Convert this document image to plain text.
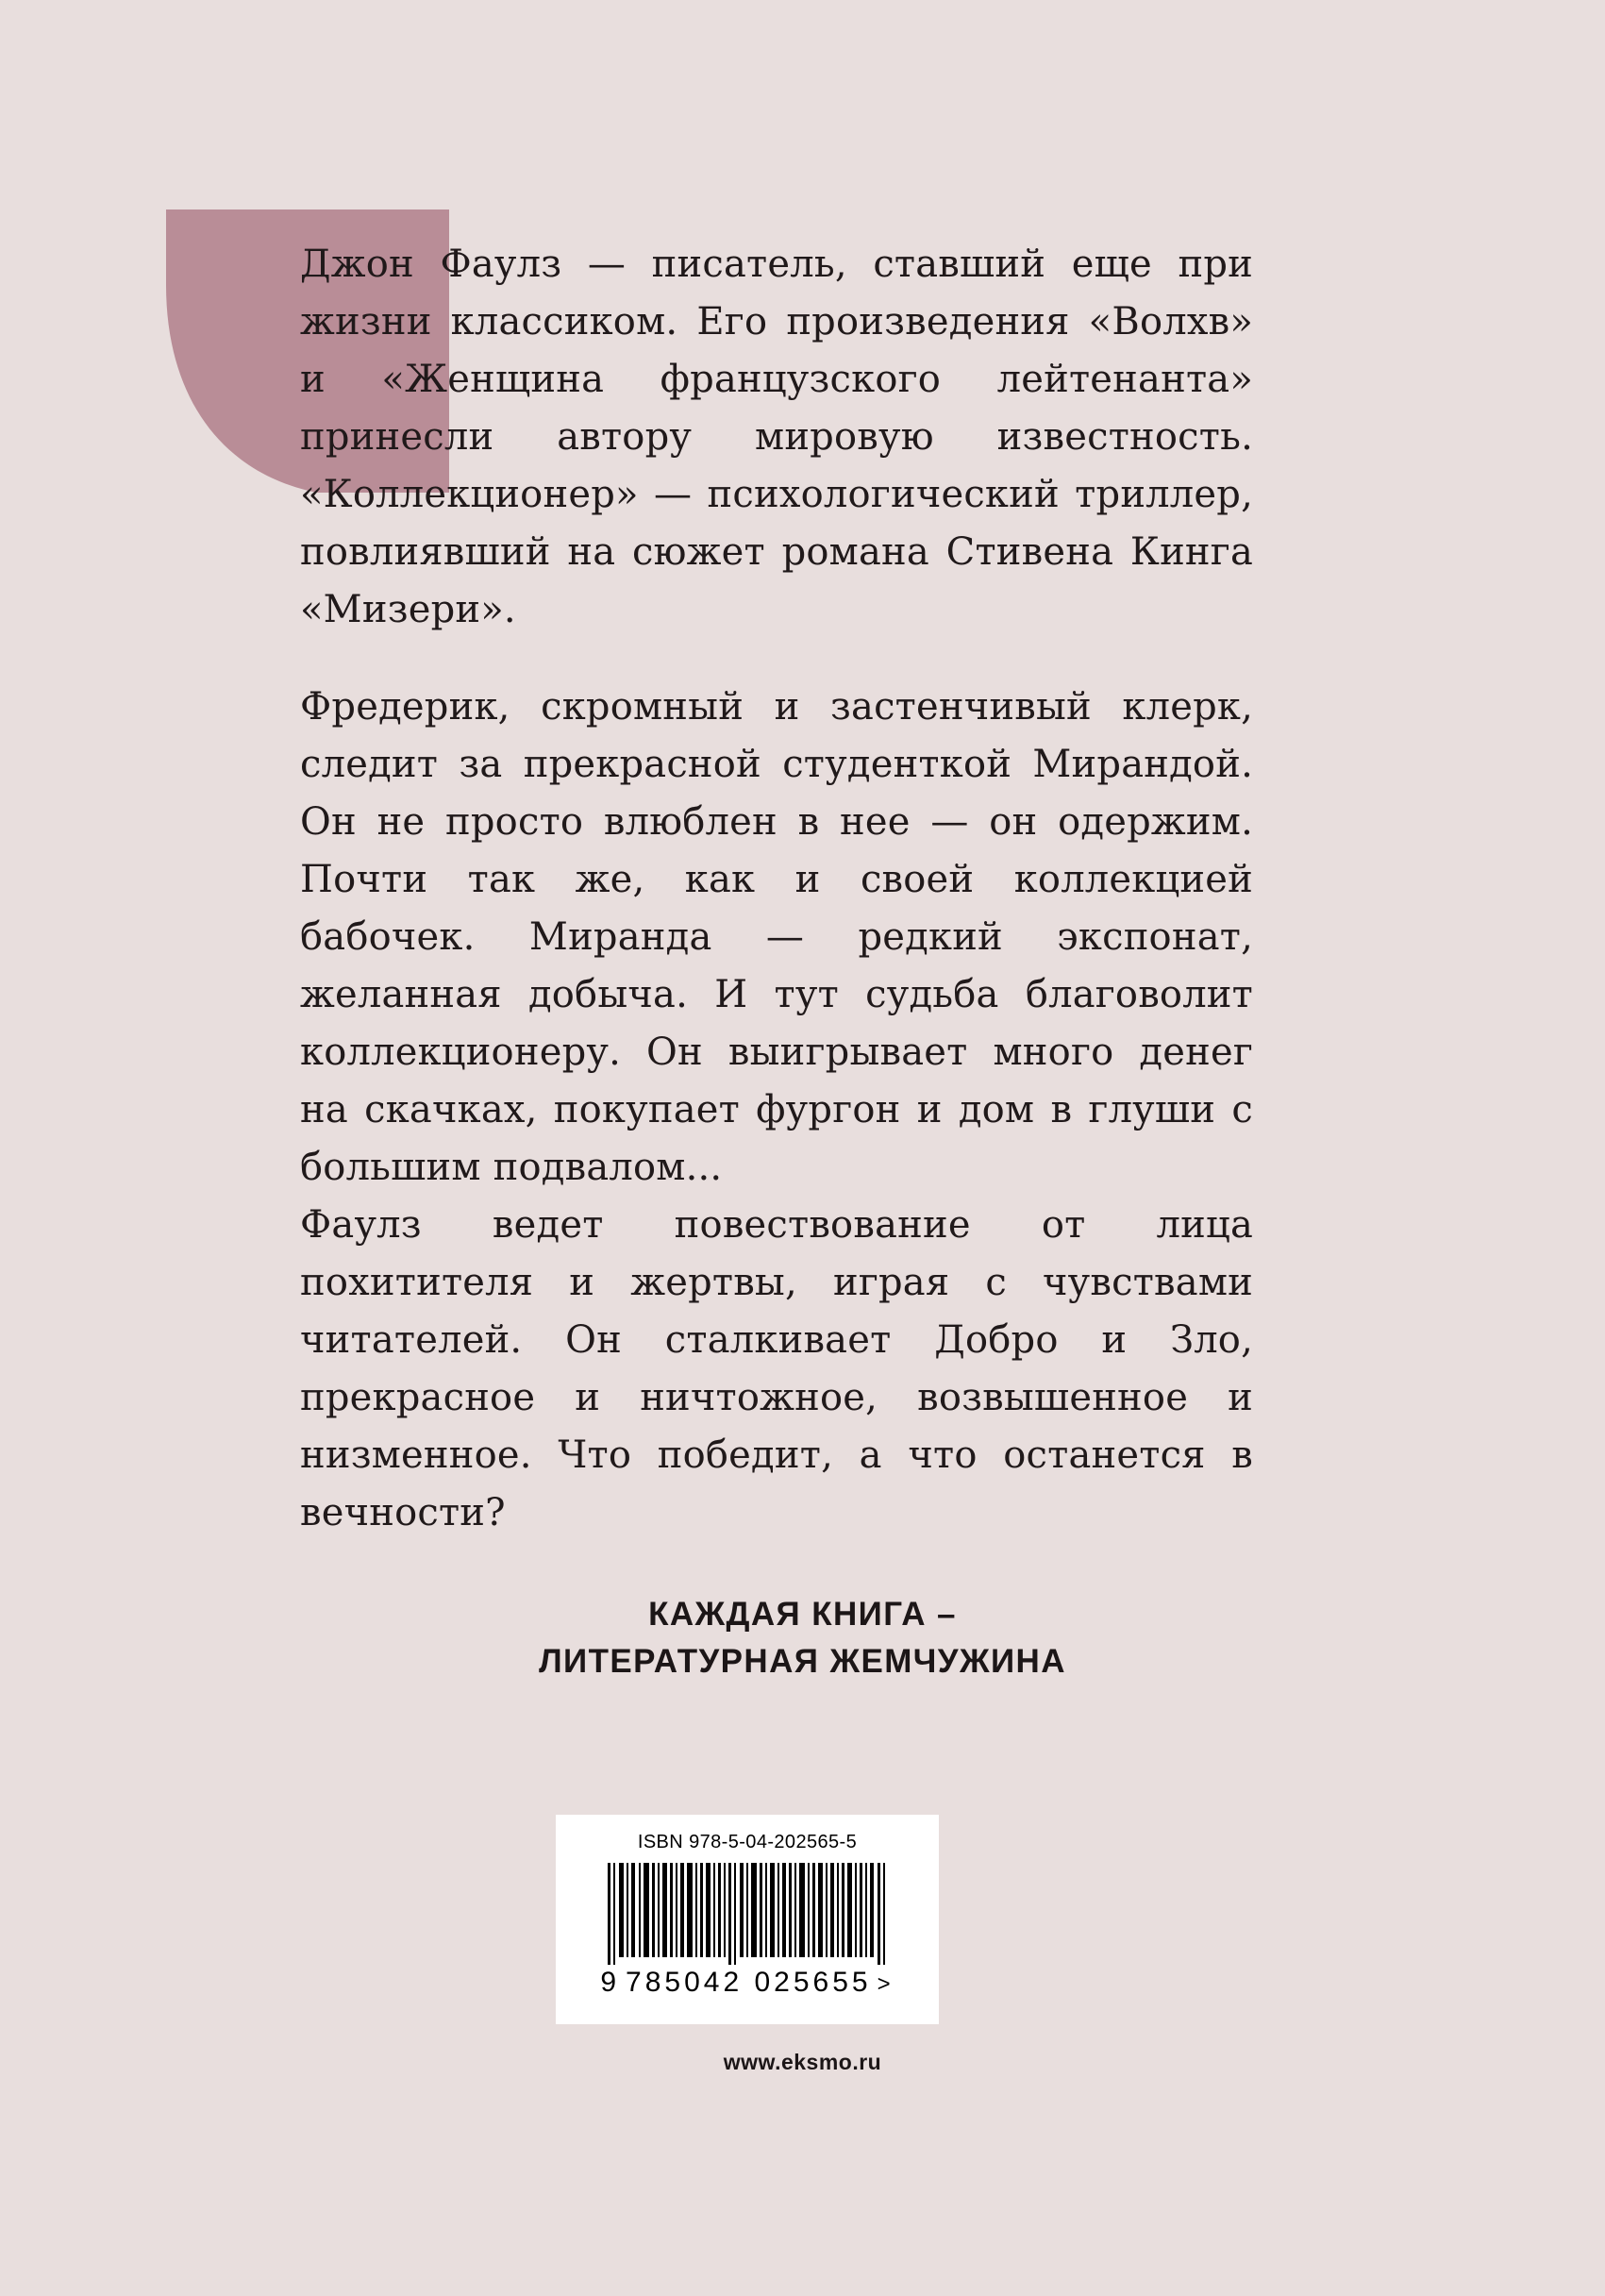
Джон Фаулз — писатель, ставший еще при жизни классиком. Его произведения «Волхв» и «Женщина французского лейтенанта» принесли автору мировую известность. «Коллекционер» — психологический триллер, повлиявший на сюжет романа Стивена Кинга «Мизери».

Фредерик, скромный и застенчивый клерк, следит за прекрасной студенткой Мирандой. Он не просто влюблен в нее — он одержим. Почти так же, как и своей коллекцией бабочек. Миранда — редкий экспонат, желанная добыча. И тут судьба благоволит коллекционеру. Он выигрывает много денег на скачках, покупает фургон и дом в глуши с большим подвалом...

Фаулз ведет повествование от лица похитителя и жертвы, играя с чувствами читателей. Он сталкивает Добро и Зло, прекрасное и ничтожное, возвышенное и низменное. Что победит, а что останется в вечности?

КАЖДАЯ КНИГА –
ЛИТЕРАТУРНАЯ ЖЕМЧУЖИНА
ISBN 978-5-04-202565-5
9 785042 025655 >
www.eksmo.ru
